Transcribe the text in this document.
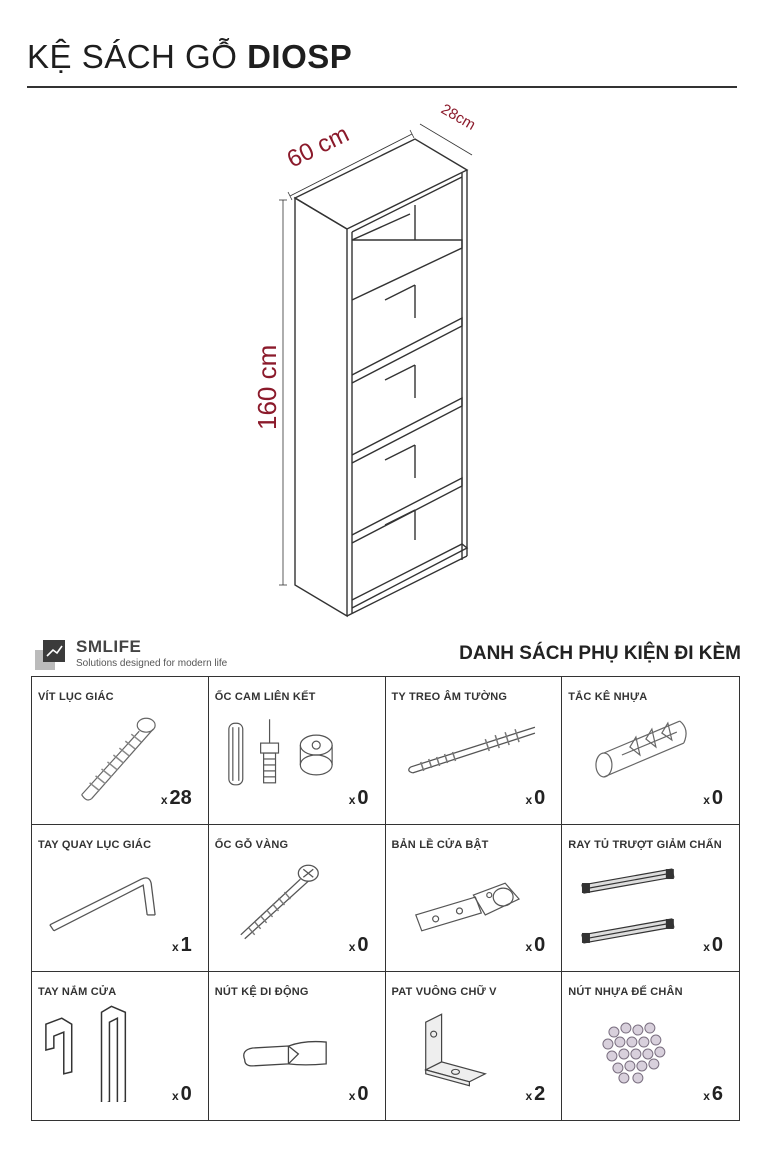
KỆ SÁCH GỖ DIOSP
60 cm
28cm
160 cm
SMLIFE
Solutions designed for modern life	DANH SÁCH PHỤ KIỆN ĐI KÈM
VÍT LỤC GIÁC
x 28
ỐC CAM LIÊN KẾT
x 0
TY TREO ÂM TƯỜNG
x 0
TẮC KÊ NHỰA
x 0
TAY QUAY LỤC GIÁC
x 1
ỐC GỖ VÀNG
x 0
BẢN LỀ CỬA BẬT
x 0
RAY TỦ TRƯỢT GIẢM CHẤN
x 0
TAY NẮM CỬA
x 0
NÚT KỆ DI ĐỘNG
x 0
PAT VUÔNG CHỮ V
x 2
NÚT NHỰA ĐẾ CHÂN
x 6
